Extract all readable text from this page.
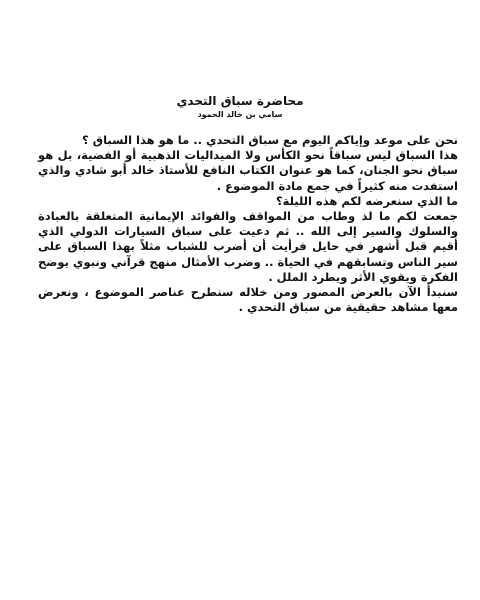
محاضرة سباق التحدي
سامي بن خالد الحمود

نحن على موعد وإياكم اليوم مع سباق التحدي .. ما هو هذا السباق ؟

هذا السباق ليس سباقاً نحو الكأس ولا الميداليات الذهبية أو الفضية، بل هو سباق نحو الجنان، كما هو عنوان الكتاب النافع للأستاذ خالد أبو شادي والذي استفدت منه كثيراً في جمع مادة الموضوع .

ما الذي سنعرضه لكم هذه الليلة؟

جمعت لكم ما لذ وطاب من المواقف والفوائد الإيمانية المتعلقة بالعبادة والسلوك والسير إلى الله .. ثم دعيت على سباق السيارات الدولي الذي أقيم قبل أشهر في حايل فرأيت أن أضرب للشباب مثلاً بهذا السباق على سير الناس وتسابقهم في الحياة .. وضرب الأمثال منهج قرآني ونبوي يوضح الفكرة ويقوي الأثر ويطرد الملل .

سنبدأ الآن بالعرض المصور ومن خلاله سنطرح عناصر الموضوع ، ونعرض معها مشاهد حقيقية من سباق التحدي .
